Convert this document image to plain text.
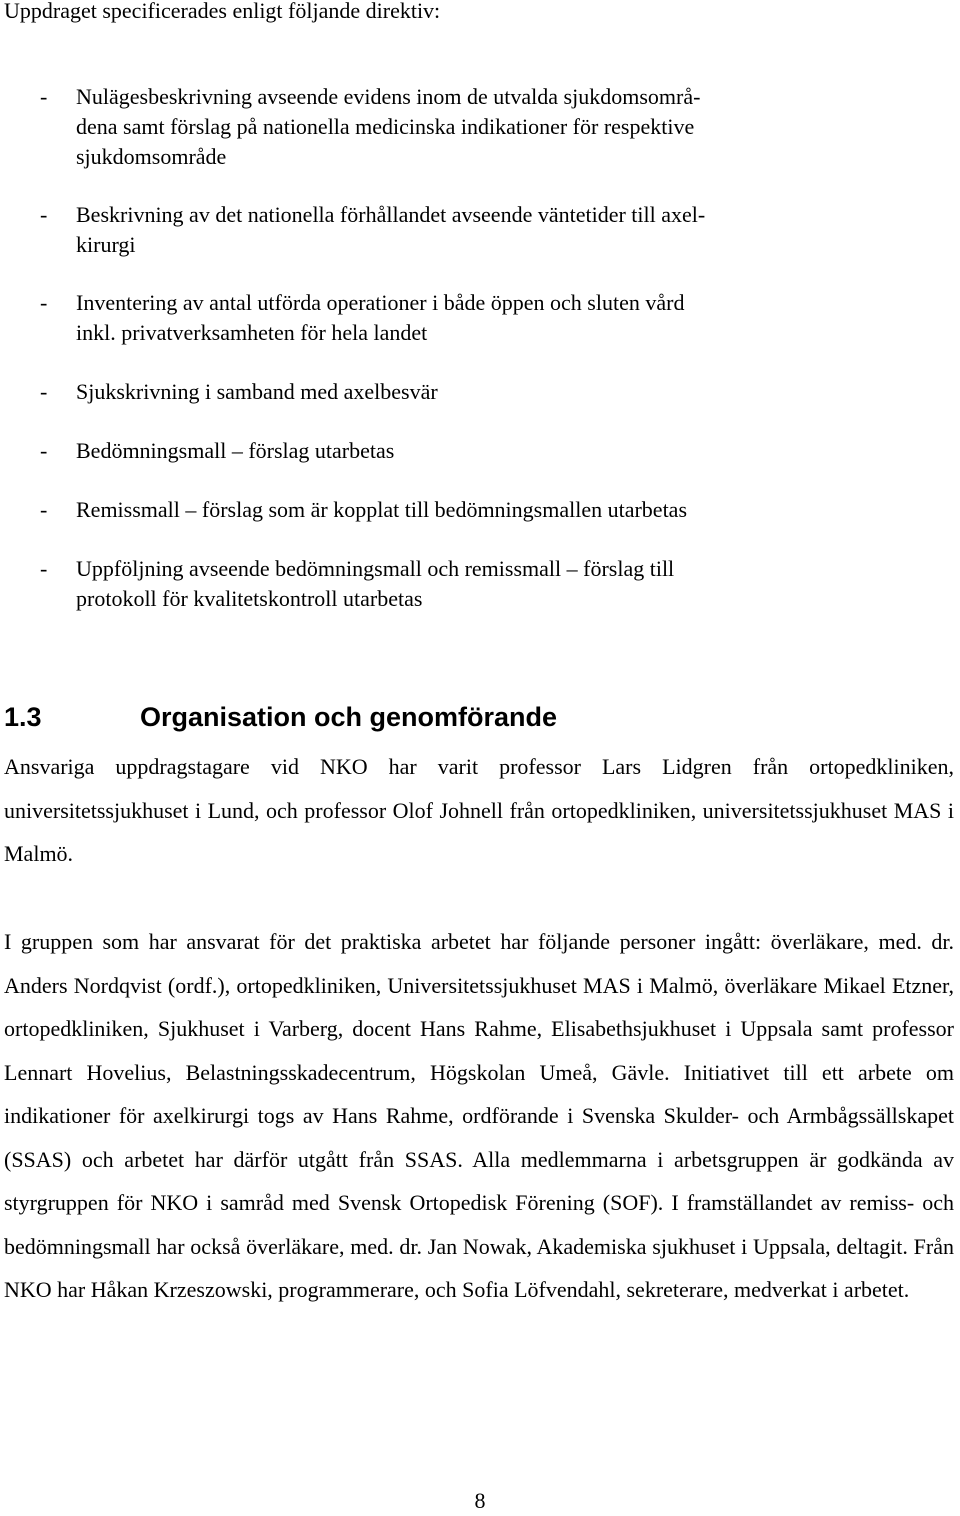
Uppdraget specificerades enligt följande direktiv:

-	Nulägesbeskrivning avseende evidens inom de utvalda sjukdomsområ-
dena samt förslag på nationella medicinska indikationer för respektive
sjukdomsområde
-	Beskrivning av det nationella förhållandet avseende väntetider till axel-
kirurgi
-	Inventering av antal utförda operationer i både öppen och sluten vård
inkl. privatverksamheten för hela landet
-	Sjukskrivning i samband med axelbesvär
-	Bedömningsmall – förslag utarbetas
-	Remissmall – förslag som är kopplat till bedömningsmallen utarbetas
-	Uppföljning avseende bedömningsmall och remissmall – förslag till
protokoll för kvalitetskontroll utarbetas
1.3	Organisation och genomförande

Ansvariga uppdragstagare vid NKO har varit professor Lars Lidgren från ortopedkliniken, universitetssjukhuset i Lund, och professor Olof Johnell från ortopedkliniken, universitetssjukhuset MAS i Malmö.

I gruppen som har ansvarat för det praktiska arbetet har följande personer ingått: överläkare, med. dr. Anders Nordqvist (ordf.), ortopedkliniken, Universitetssjukhuset MAS i Malmö, överläkare Mikael Etzner, ortopedkliniken, Sjukhuset i Varberg, docent Hans Rahme, Elisabethsjukhuset i Uppsala samt professor Lennart Hovelius, Belastningsskadecentrum, Högskolan Umeå, Gävle. Initiativet till ett arbete om indikationer för axelkirurgi togs av Hans Rahme, ordförande i Svenska Skulder- och Armbågssällskapet (SSAS) och arbetet har därför utgått från SSAS. Alla medlemmarna i arbetsgruppen är godkända av styrgruppen för NKO i samråd med Svensk Ortopedisk Förening (SOF). I framställandet av remiss- och bedömningsmall har också överläkare, med. dr. Jan Nowak, Akademiska sjukhuset i Uppsala, deltagit. Från NKO har Håkan Krzeszowski, programmerare, och Sofia Löfvendahl, sekreterare, medverkat i arbetet.

8
